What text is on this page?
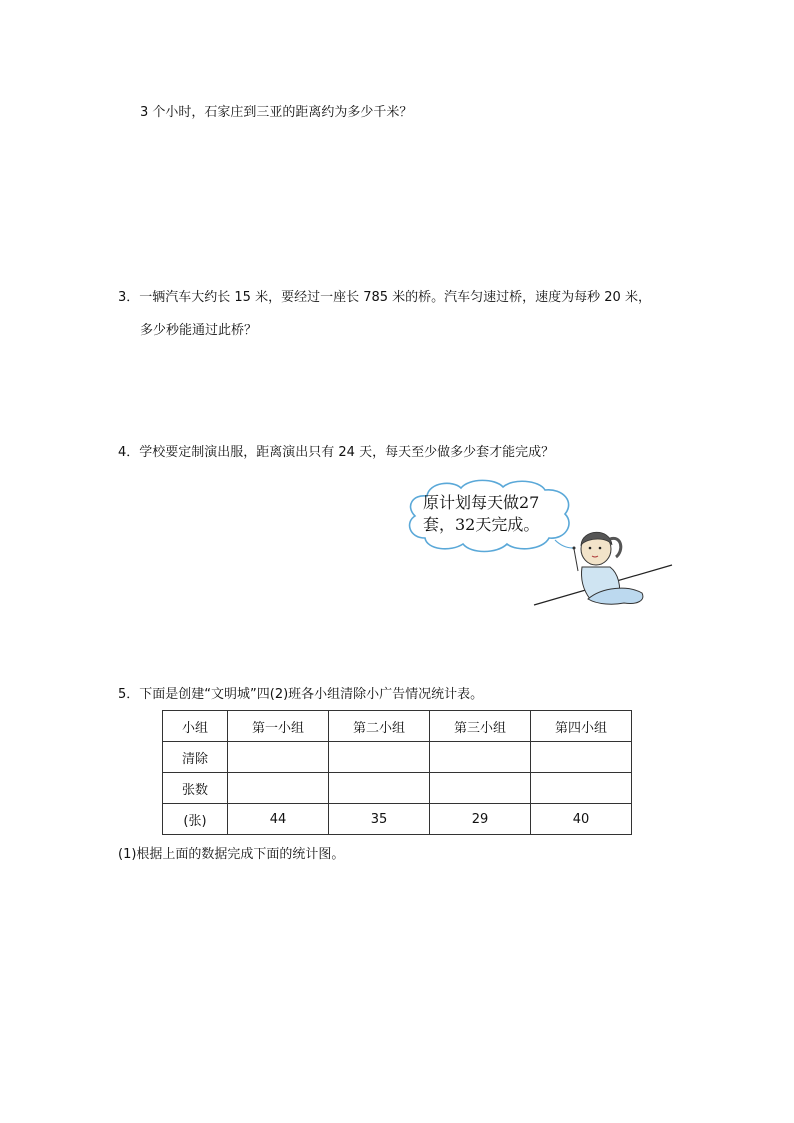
3 个小时，石家庄到三亚的距离约为多少千米？
3．一辆汽车大约长 15 米，要经过一座长 785 米的桥。汽车匀速过桥，速度为每秒 20 米，
多少秒能通过此桥？
4．学校要定制演出服，距离演出只有 24 天，每天至少做多少套才能完成？
原计划每天做27
套，32天完成。
5．下面是创建“文明城”四(2)班各小组清除小广告情况统计表。
小组	第一小组	第二小组	第三小组	第四小组
清除				
张数				
(张)	44	35	29	40
(1)根据上面的数据完成下面的统计图。
